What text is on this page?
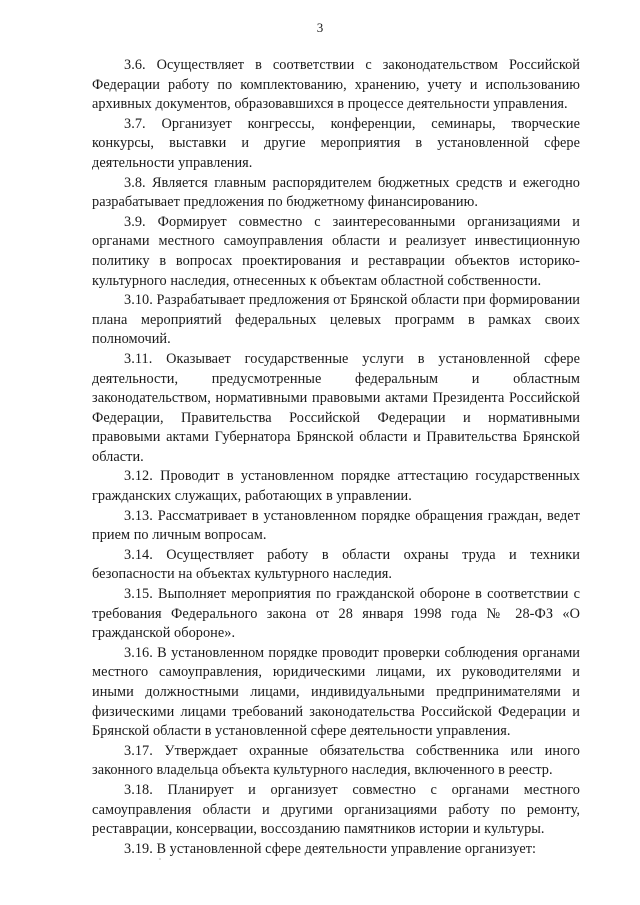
3

3.6. Осуществляет в соответствии с законодательством Российской Федерации работу по комплектованию, хранению, учету и использованию архивных документов, образовавшихся в процессе деятельности управления.

3.7. Организует конгрессы, конференции, семинары, творческие конкурсы, выставки и другие мероприятия в установленной сфере деятельности управления.

3.8. Является главным распорядителем бюджетных средств и ежегодно разрабатывает предложения по бюджетному финансированию.

3.9. Формирует совместно с заинтересованными организациями и органами местного самоуправления области и реализует инвестиционную политику в вопросах проектирования и реставрации объектов историко-культурного наследия, отнесенных к объектам областной собственности.

3.10. Разрабатывает предложения от Брянской области при формировании плана мероприятий федеральных целевых программ в рамках своих полномочий.

3.11. Оказывает государственные услуги в установленной сфере деятельности, предусмотренные федеральным и областным законодательством, нормативными правовыми актами Президента Российской Федерации, Правительства Российской Федерации и нормативными правовыми актами Губернатора Брянской области и Правительства Брянской области.

3.12. Проводит в установленном порядке аттестацию государственных гражданских служащих, работающих в управлении.

3.13. Рассматривает в установленном порядке обращения граждан, ведет прием по личным вопросам.

3.14. Осуществляет работу в области охраны труда и техники безопасности на объектах культурного наследия.

3.15. Выполняет мероприятия по гражданской обороне в соответствии с требования Федерального закона от 28 января 1998 года № 28-ФЗ «О гражданской обороне».

3.16. В установленном порядке проводит проверки соблюдения органами местного самоуправления, юридическими лицами, их руководителями и иными должностными лицами, индивидуальными предпринимателями и физическими лицами требований законодательства Российской Федерации и Брянской области в установленной сфере деятельности управления.

3.17. Утверждает охранные обязательства собственника или иного законного владельца объекта культурного наследия, включенного в реестр.

3.18. Планирует и организует совместно с органами местного самоуправления области и другими организациями работу по ремонту, реставрации, консервации, воссозданию памятников истории и культуры.

3.19. В установленной сфере деятельности управление организует:
